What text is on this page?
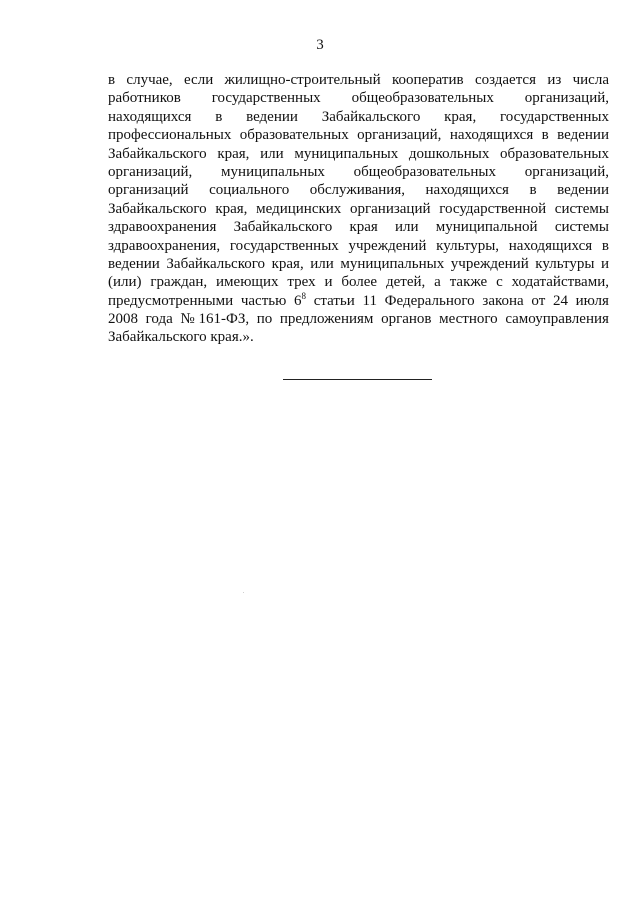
3
в случае, если жилищно-строительный кооператив создается из числа
работников государственных общеобразовательных организаций,
находящихся в ведении Забайкальского края, государственных
профессиональных образовательных организаций, находящихся в ведении
Забайкальского края, или муниципальных дошкольных образовательных
организаций, муниципальных общеобразовательных организаций,
организаций социального обслуживания, находящихся в ведении
Забайкальского края, медицинских организаций государственной системы
здравоохранения Забайкальского края или муниципальной системы
здравоохранения, государственных учреждений культуры, находящихся в
ведении Забайкальского края, или муниципальных учреждений культуры и
(или) граждан, имеющих трех и более детей, а также с ходатайствами,
предусмотренными частью $6^8$ статьи 11 Федерального закона от 24 июля
2008 года № 161-ФЗ, по предложениям органов местного самоуправления
Забайкальского края.».
